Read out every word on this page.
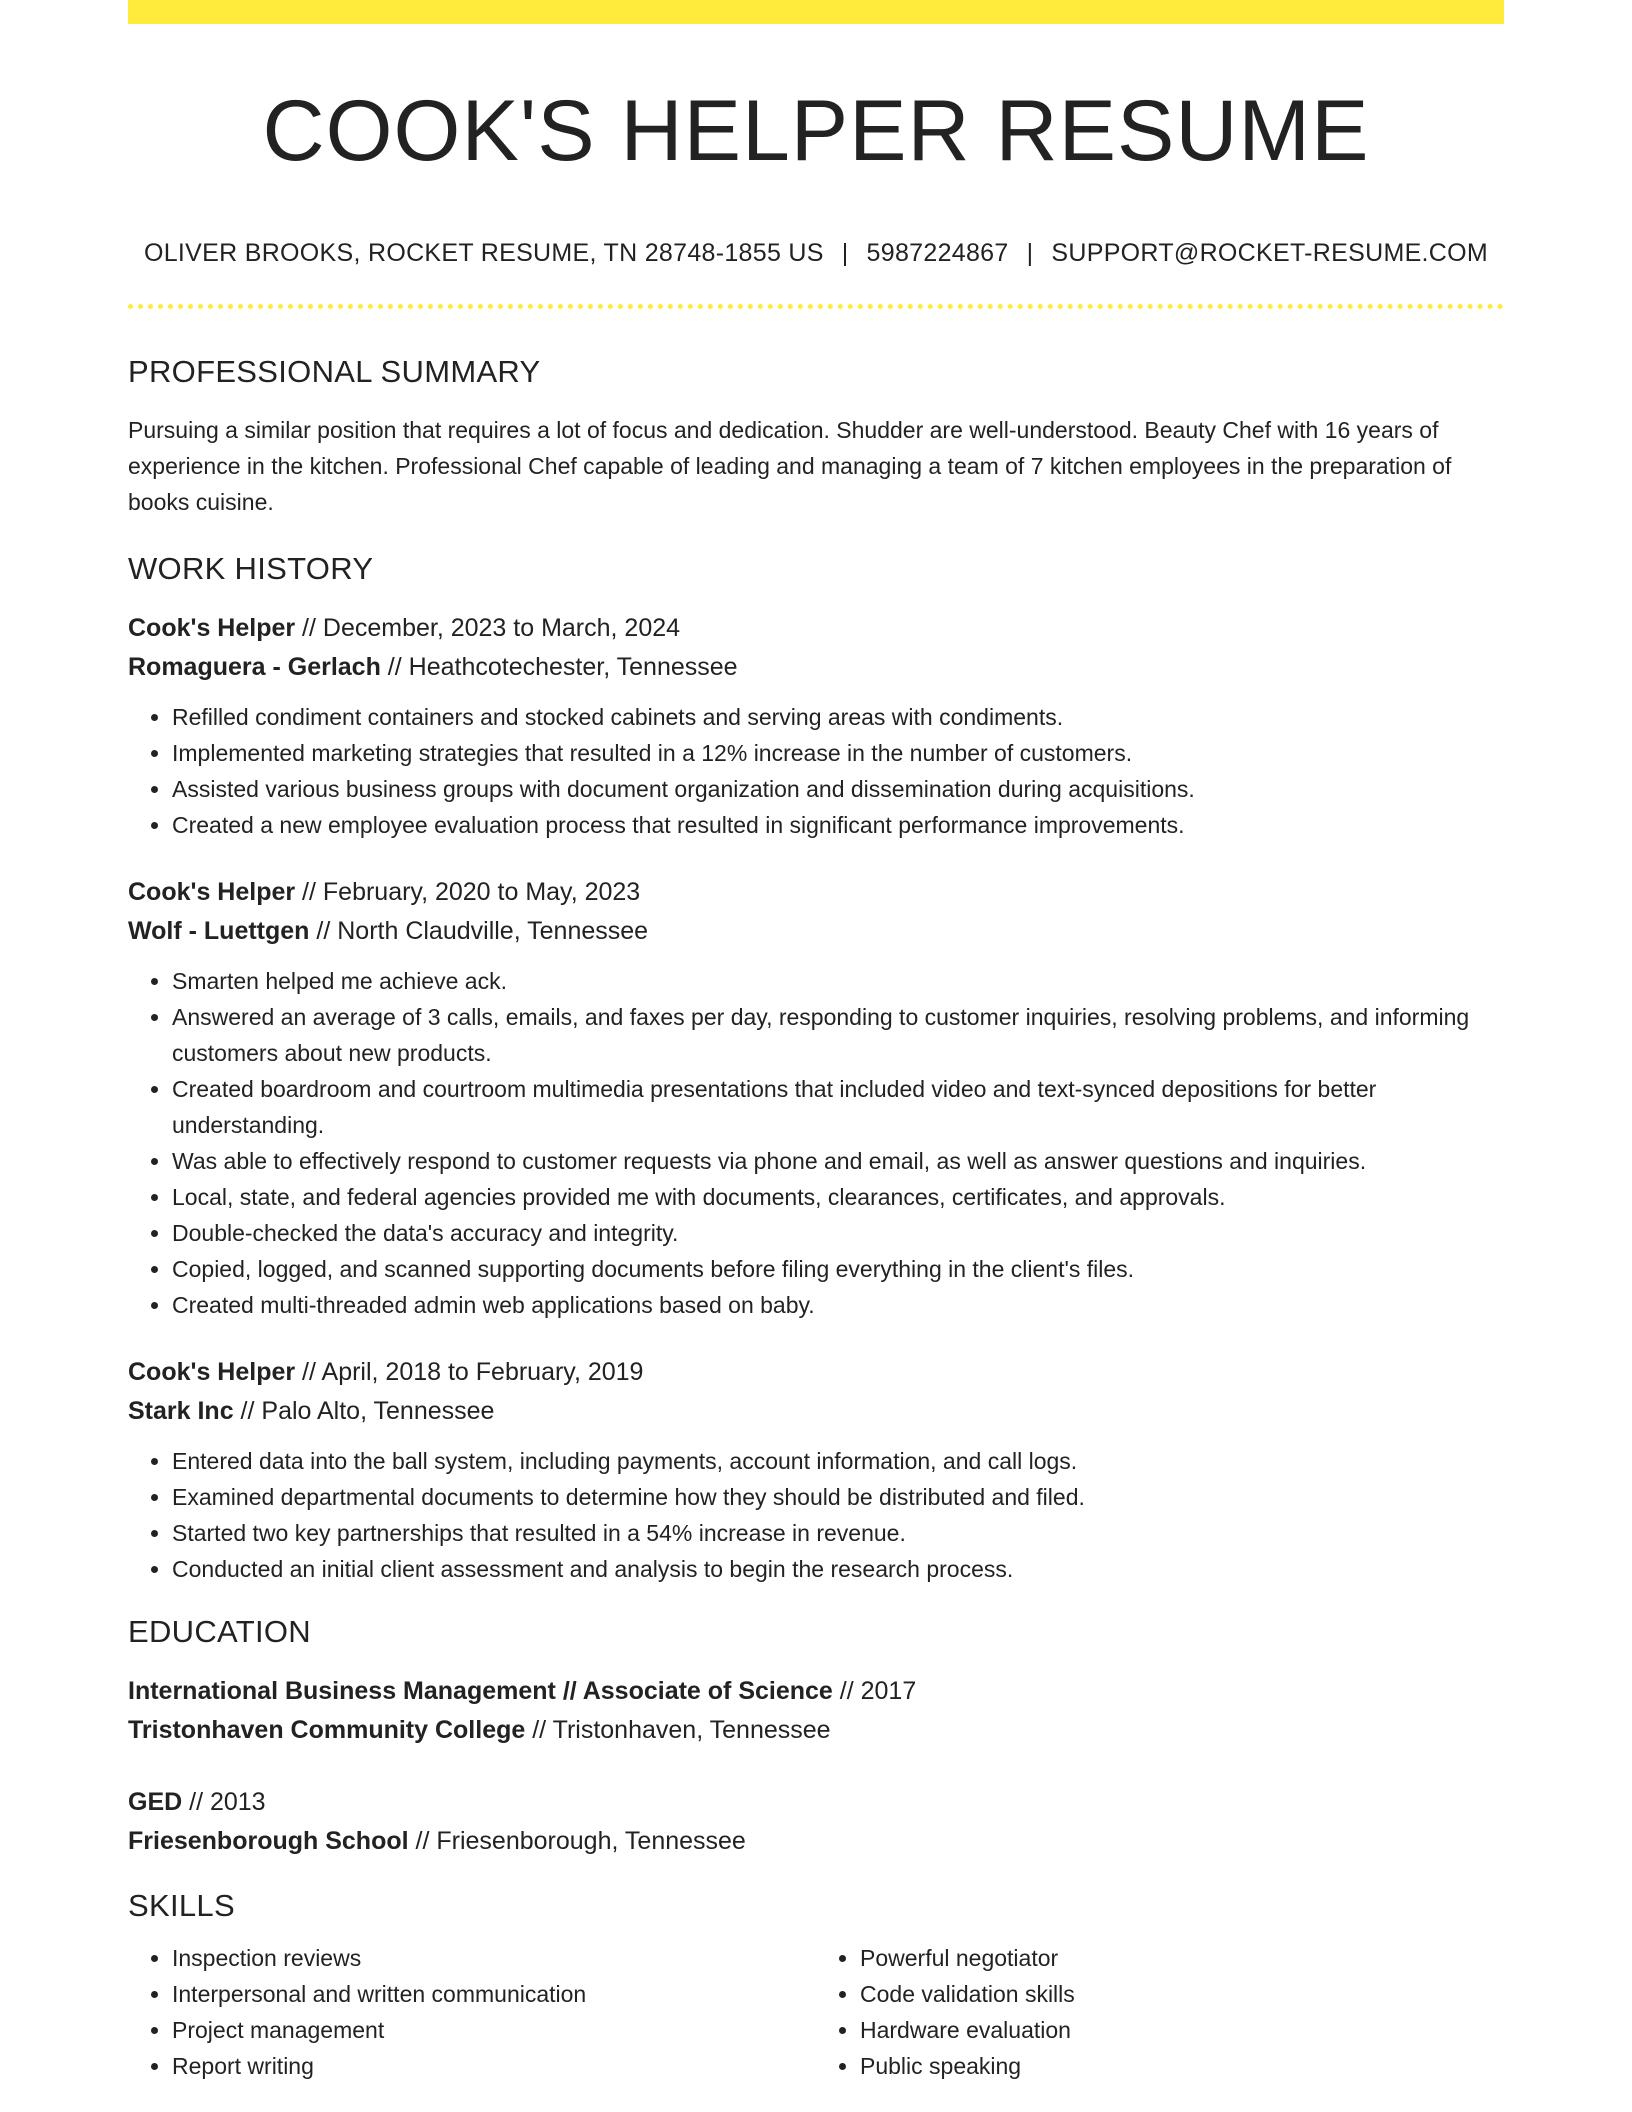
COOK'S HELPER RESUME
OLIVER BROOKS, ROCKET RESUME, TN 28748-1855 US | 5987224867 | SUPPORT@ROCKET-RESUME.COM
PROFESSIONAL SUMMARY
Pursuing a similar position that requires a lot of focus and dedication. Shudder are well-understood. Beauty Chef with 16 years of experience in the kitchen. Professional Chef capable of leading and managing a team of 7 kitchen employees in the preparation of books cuisine.
WORK HISTORY
Cook's Helper // December, 2023 to March, 2024
Romaguera - Gerlach // Heathcotechester, Tennessee
• Refilled condiment containers and stocked cabinets and serving areas with condiments.
• Implemented marketing strategies that resulted in a 12% increase in the number of customers.
• Assisted various business groups with document organization and dissemination during acquisitions.
• Created a new employee evaluation process that resulted in significant performance improvements.
Cook's Helper // February, 2020 to May, 2023
Wolf - Luettgen // North Claudville, Tennessee
• Smarten helped me achieve ack.
• Answered an average of 3 calls, emails, and faxes per day, responding to customer inquiries, resolving problems, and informing customers about new products.
• Created boardroom and courtroom multimedia presentations that included video and text-synced depositions for better understanding.
• Was able to effectively respond to customer requests via phone and email, as well as answer questions and inquiries.
• Local, state, and federal agencies provided me with documents, clearances, certificates, and approvals.
• Double-checked the data's accuracy and integrity.
• Copied, logged, and scanned supporting documents before filing everything in the client's files.
• Created multi-threaded admin web applications based on baby.
Cook's Helper // April, 2018 to February, 2019
Stark Inc // Palo Alto, Tennessee
• Entered data into the ball system, including payments, account information, and call logs.
• Examined departmental documents to determine how they should be distributed and filed.
• Started two key partnerships that resulted in a 54% increase in revenue.
• Conducted an initial client assessment and analysis to begin the research process.
EDUCATION
International Business Management // Associate of Science // 2017
Tristonhaven Community College // Tristonhaven, Tennessee
GED // 2013
Friesenborough School // Friesenborough, Tennessee
SKILLS
• Inspection reviews
• Interpersonal and written communication
• Project management
• Report writing
• Powerful negotiator
• Code validation skills
• Hardware evaluation
• Public speaking
